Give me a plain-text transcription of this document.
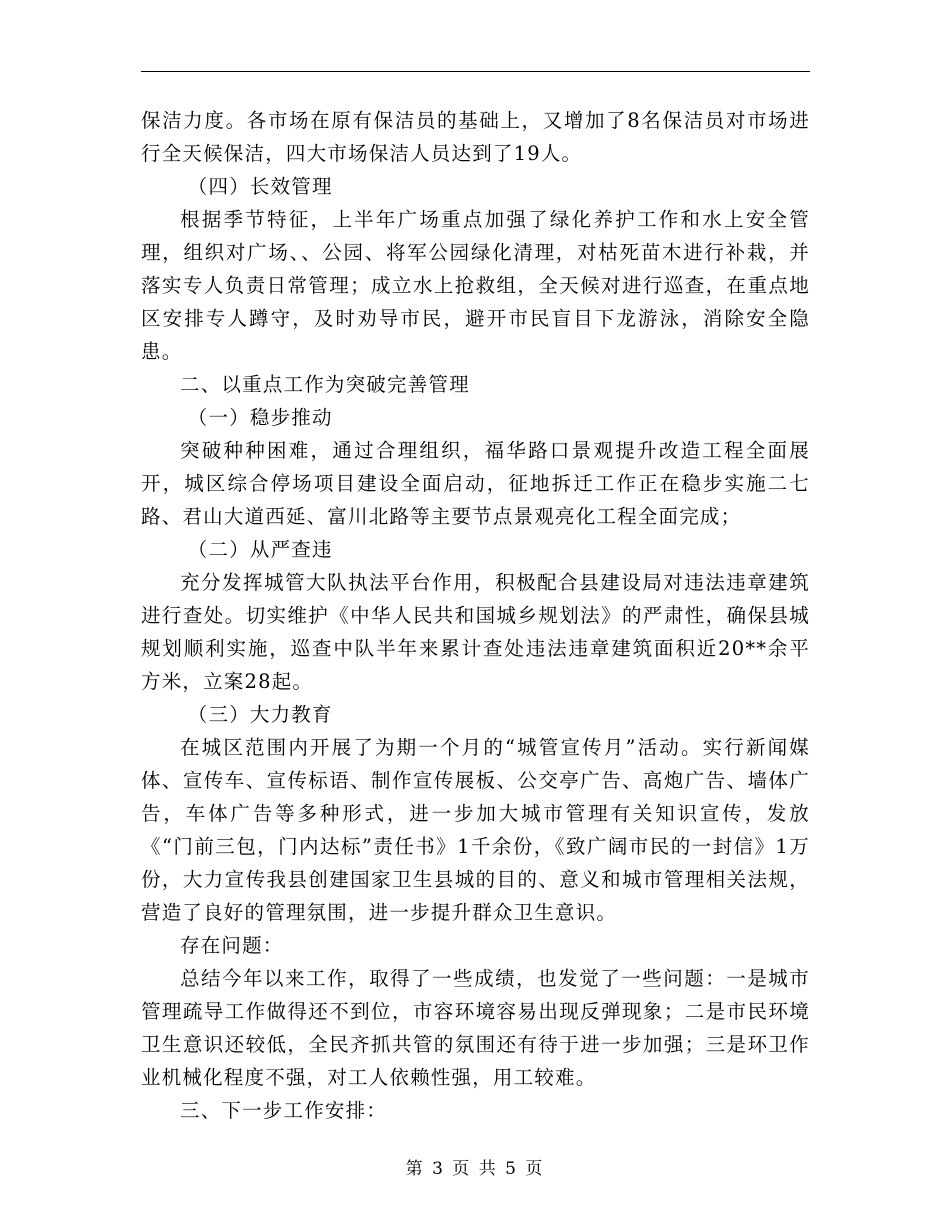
保洁力度。各市场在原有保洁员的基础上，又增加了8名保洁员对市场进行全天候保洁，四大市场保洁人员达到了19人。

（四）长效管理

根据季节特征，上半年广场重点加强了绿化养护工作和水上安全管理，组织对广场、、公园、将军公园绿化清理，对枯死苗木进行补栽，并落实专人负责日常管理；成立水上抢救组，全天候对进行巡查，在重点地区安排专人蹲守，及时劝导市民，避开市民盲目下龙游泳，消除安全隐患。

二、以重点工作为突破完善管理

（一）稳步推动

突破种种困难，通过合理组织，福华路口景观提升改造工程全面展开，城区综合停场项目建设全面启动，征地拆迁工作正在稳步实施二七路、君山大道西延、富川北路等主要节点景观亮化工程全面完成；

（二）从严查违

充分发挥城管大队执法平台作用，积极配合县建设局对违法违章建筑进行查处。切实维护《中华人民共和国城乡规划法》的严肃性，确保县城规划顺利实施，巡查中队半年来累计查处违法违章建筑面积近20**余平方米，立案28起。

（三）大力教育

在城区范围内开展了为期一个月的“城管宣传月”活动。实行新闻媒体、宣传车、宣传标语、制作宣传展板、公交亭广告、高炮广告、墙体广告，车体广告等多种形式，进一步加大城市管理有关知识宣传，发放《“门前三包，门内达标”责任书》1千余份，《致广阔市民的一封信》1万份，大力宣传我县创建国家卫生县城的目的、意义和城市管理相关法规，营造了良好的管理氛围，进一步提升群众卫生意识。

存在问题：

总结今年以来工作，取得了一些成绩，也发觉了一些问题：一是城市管理疏导工作做得还不到位，市容环境容易出现反弹现象；二是市民环境卫生意识还较低，全民齐抓共管的氛围还有待于进一步加强；三是环卫作业机械化程度不强，对工人依赖性强，用工较难。

三、下一步工作安排：

第 3 页 共 5 页
